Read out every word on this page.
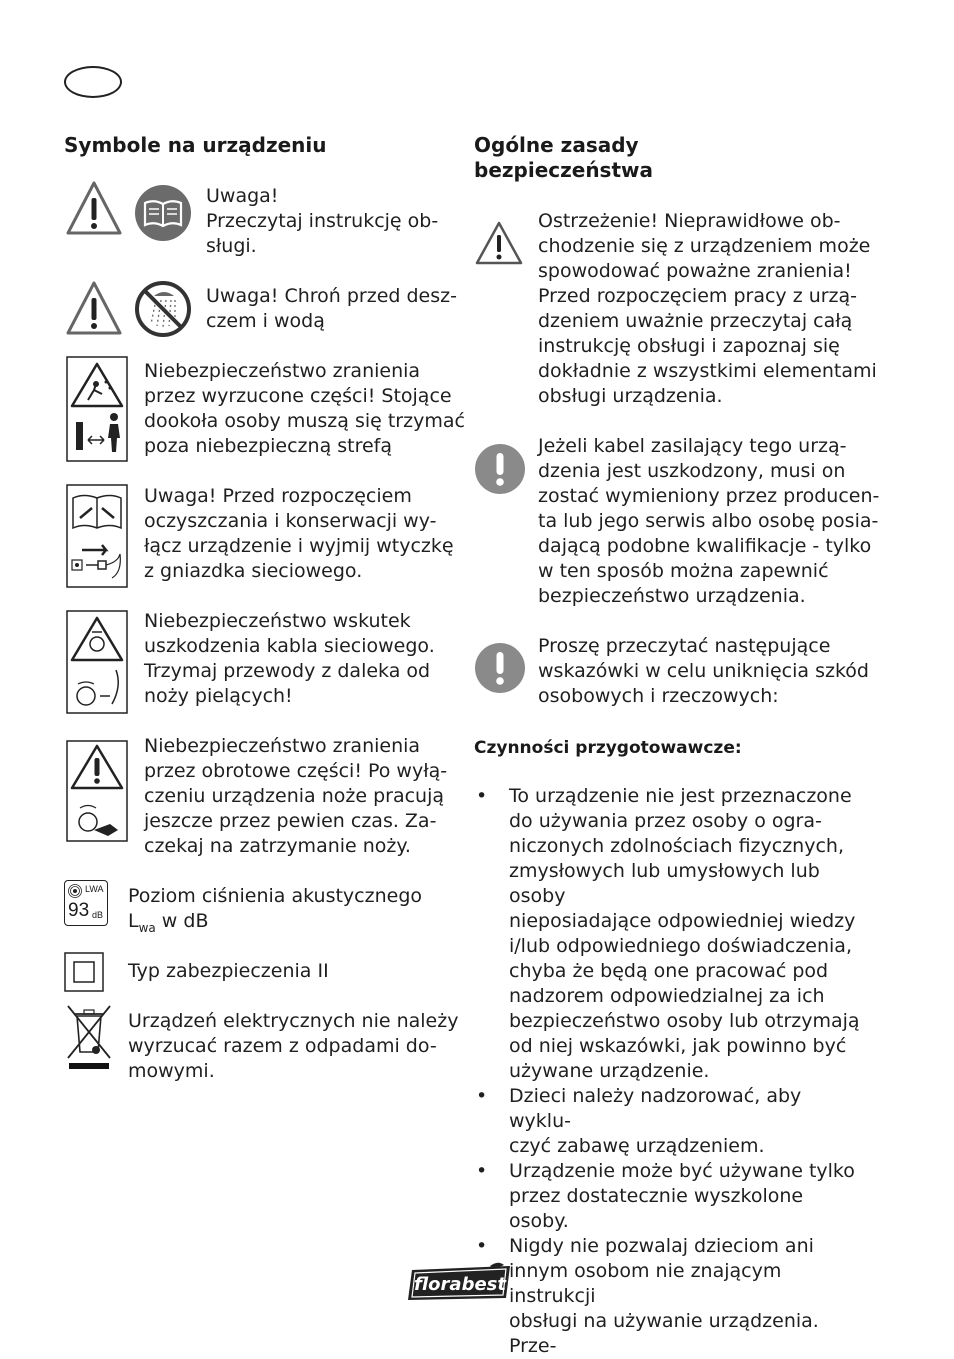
Symbole na urządzeniu

Uwaga!
Przeczytaj instrukcję ob-
sługi.

Uwaga! Chroń przed desz-
czem i wodą

Niebezpieczeństwo zranienia
przez wyrzucone części! Stojące
dookoła osoby muszą się trzymać
poza niebezpieczną strefą

Uwaga! Przed rozpoczęciem
oczyszczania i konserwacji wy-
łącz urządzenie i wyjmij wtyczkę
z gniazdka sieciowego.

Niebezpieczeństwo wskutek
uszkodzenia kabla sieciowego.
Trzymaj przewody z daleka od
noży pielących!

Niebezpieczeństwo zranienia
przez obrotowe części! Po wyłą-
czeniu urządzenia noże pracują
jeszcze przez pewien czas. Za-
czekaj na zatrzymanie noży.

LWA
93 dB

Poziom ciśnienia akustycznego
$L_{wa}$ w dB

Typ zabezpieczenia II

Urządzeń elektrycznych nie należy
wyrzucać razem z odpadami do-
mowymi.

Ogólne zasady
bezpieczeństwa

Ostrzeżenie! Nieprawidłowe ob-
chodzenie się z urządzeniem może
spowodować poważne zranienia!
Przed rozpoczęciem pracy z urzą-
dzeniem uważnie przeczytaj całą
instrukcję obsługi i zapoznaj się
dokładnie z wszystkimi elementami
obsługi urządzenia.

Jeżeli kabel zasilający tego urzą-
dzenia jest uszkodzony, musi on
zostać wymieniony przez producen-
ta lub jego serwis albo osobę posia-
dającą podobne kwalifikacje - tylko
w ten sposób można zapewnić
bezpieczeństwo urządzenia.

Proszę przeczytać następujące
wskazówki w celu uniknięcia szkód
osobowych i rzeczowych:

Czynności przygotowawcze:
• To urządzenie nie jest przeznaczone
do używania przez osoby o ogra-
niczonych zdolnościach fizycznych,
zmysłowych lub umysłowych lub osoby
nieposiadające odpowiedniej wiedzy
i/lub odpowiedniego doświadczenia,
chyba że będą one pracować pod
nadzorem odpowiedzialnej za ich
bezpieczeństwo osoby lub otrzymają
od niej wskazówki, jak powinno być
używane urządzenie.
• Dzieci należy nadzorować, aby wyklu-
czyć zabawę urządzeniem.
• Urządzenie może być używane tylko
przez dostatecznie wyszkolone osoby.
• Nigdy nie pozwalaj dzieciom ani
innym osobom nie znającym instrukcji
obsługi na używanie urządzenia. Prze-
florabest
